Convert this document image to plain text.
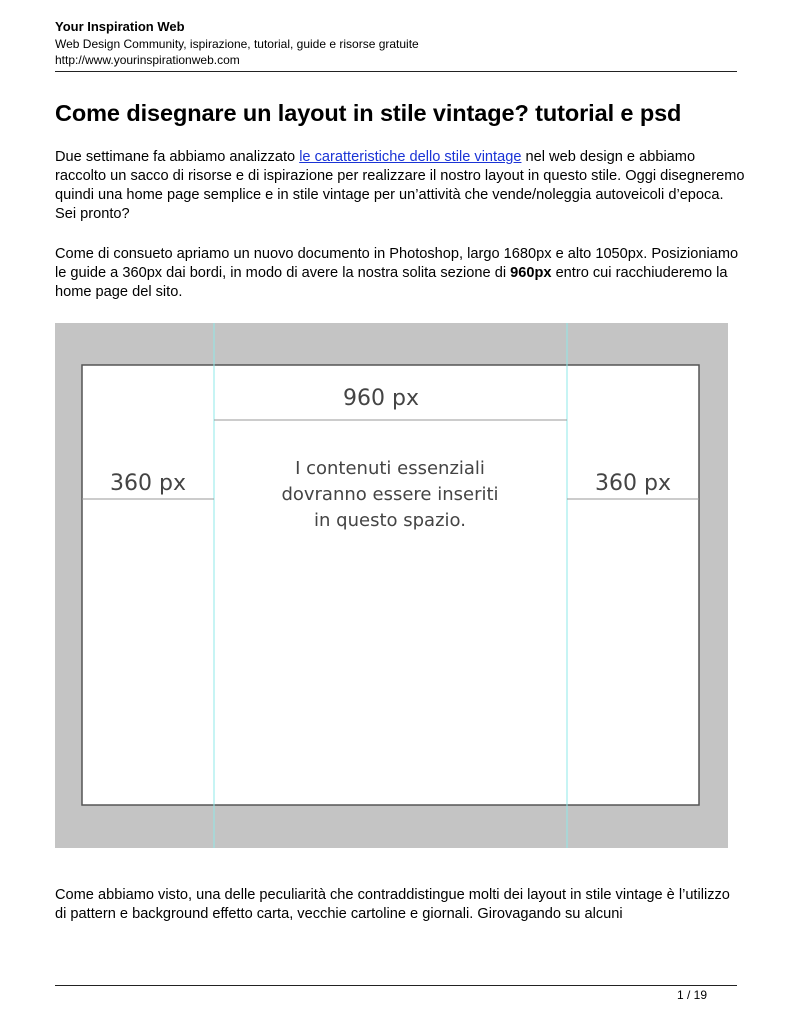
Your Inspiration Web
Web Design Community, ispirazione, tutorial, guide e risorse gratuite
http://www.yourinspirationweb.com
Come disegnare un layout in stile vintage? tutorial e psd

Due settimane fa abbiamo analizzato le caratteristiche dello stile vintage nel web design e abbiamo raccolto un sacco di risorse e di ispirazione per realizzare il nostro layout in questo stile. Oggi disegneremo quindi una home page semplice e in stile vintage per un’attività che vende/noleggia autoveicoli d’epoca. Sei pronto?

Come di consueto apriamo un nuovo documento in Photoshop, largo 1680px e alto 1050px. Posizioniamo le guide a 360px dai bordi, in modo di avere la nostra solita sezione di 960px entro cui racchiuderemo la home page del sito.

960 px
360 px	360 px
I contenuti essenziali
dovranno essere inseriti
in questo spazio.

Come abbiamo visto, una delle peculiarità che contraddistingue molti dei layout in stile vintage è l’utilizzo di pattern e background effetto carta, vecchie cartoline e giornali. Girovagando su alcuni

1 / 19
